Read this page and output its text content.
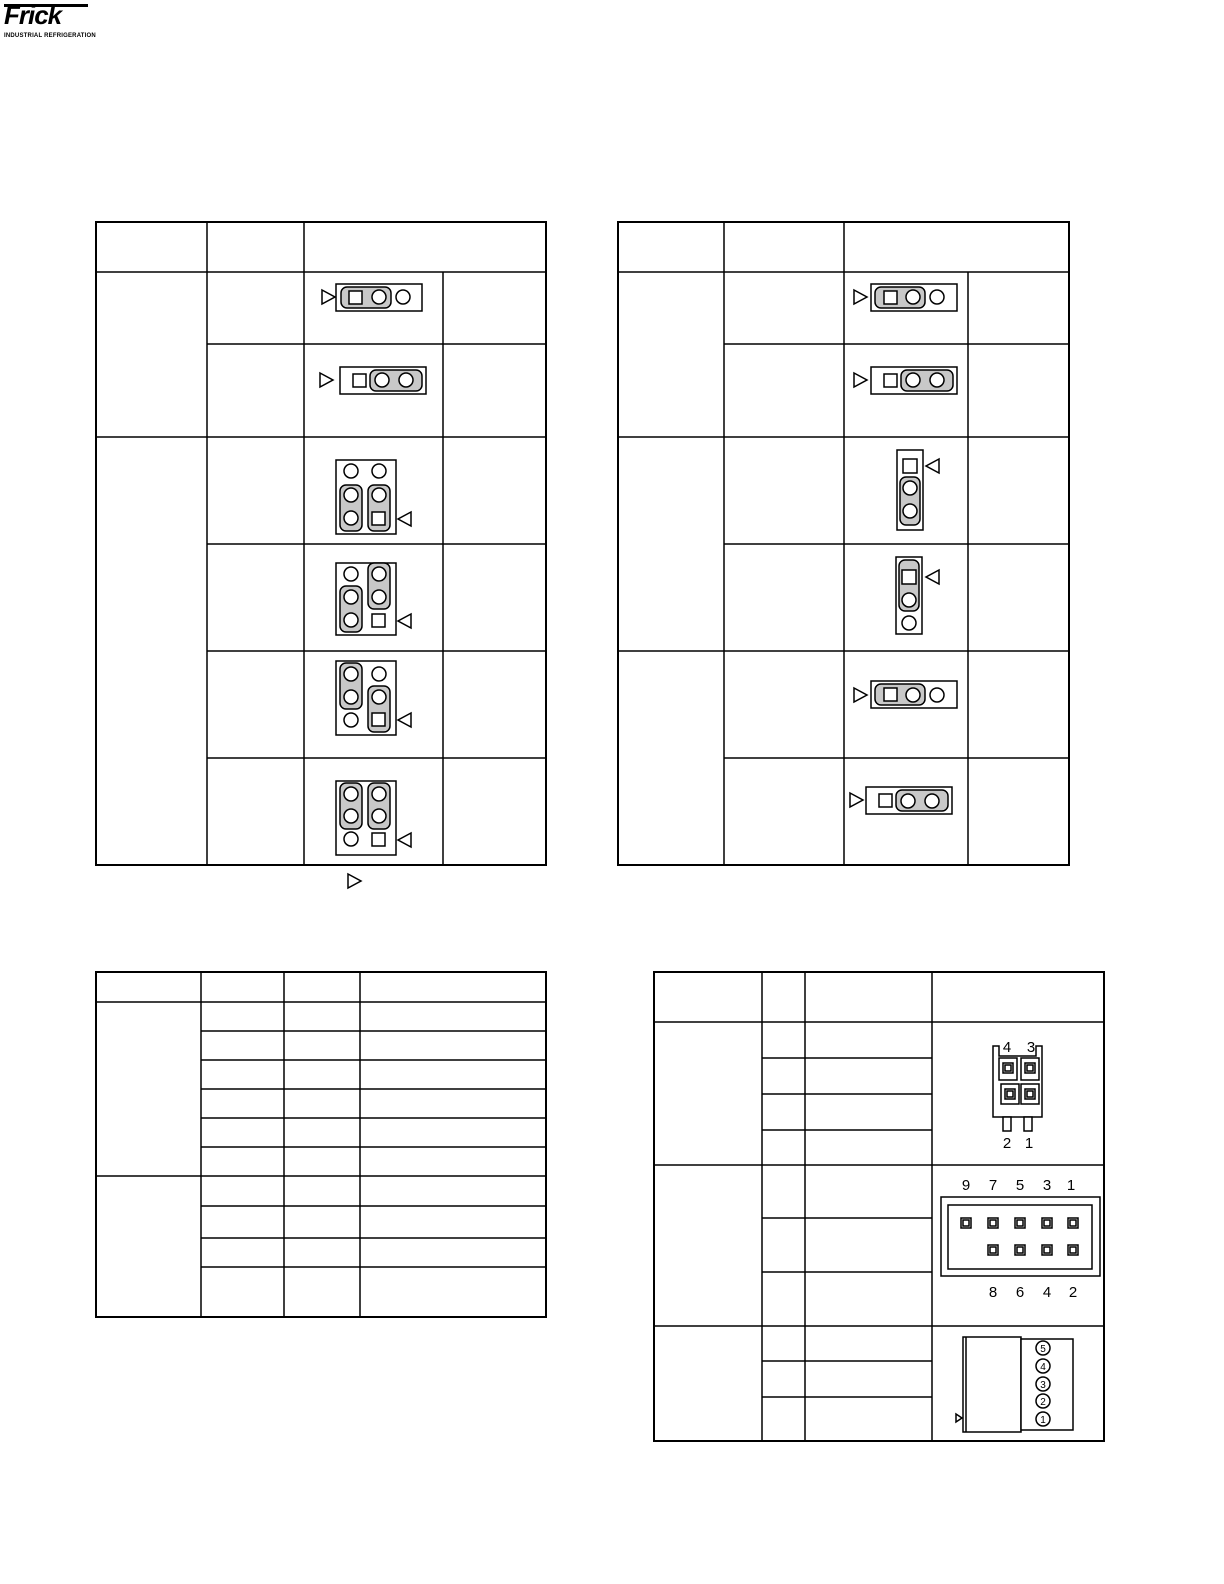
Frick
INDUSTRIAL REFRIGERATION
4 3
2 1
9 7 5 3 1
8 6 4 2
5
4
3
2
1
